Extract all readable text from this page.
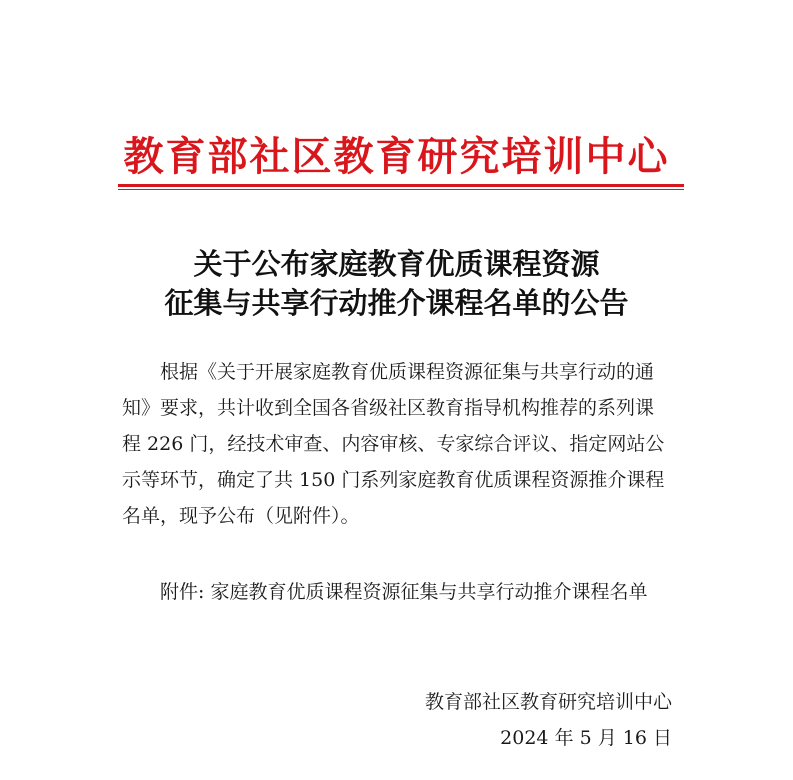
教育部社区教育研究培训中心
关于公布家庭教育优质课程资源
征集与共享行动推介课程名单的公告
　　根据《关于开展家庭教育优质课程资源征集与共享行动的通
知》要求，共计收到全国各省级社区教育指导机构推荐的系列课
程 226 门，经技术审查、内容审核、专家综合评议、指定网站公
示等环节，确定了共 150 门系列家庭教育优质课程资源推介课程
名单，现予公布（见附件）。
附件: 家庭教育优质课程资源征集与共享行动推介课程名单
教育部社区教育研究培训中心
2024 年 5 月 16 日
